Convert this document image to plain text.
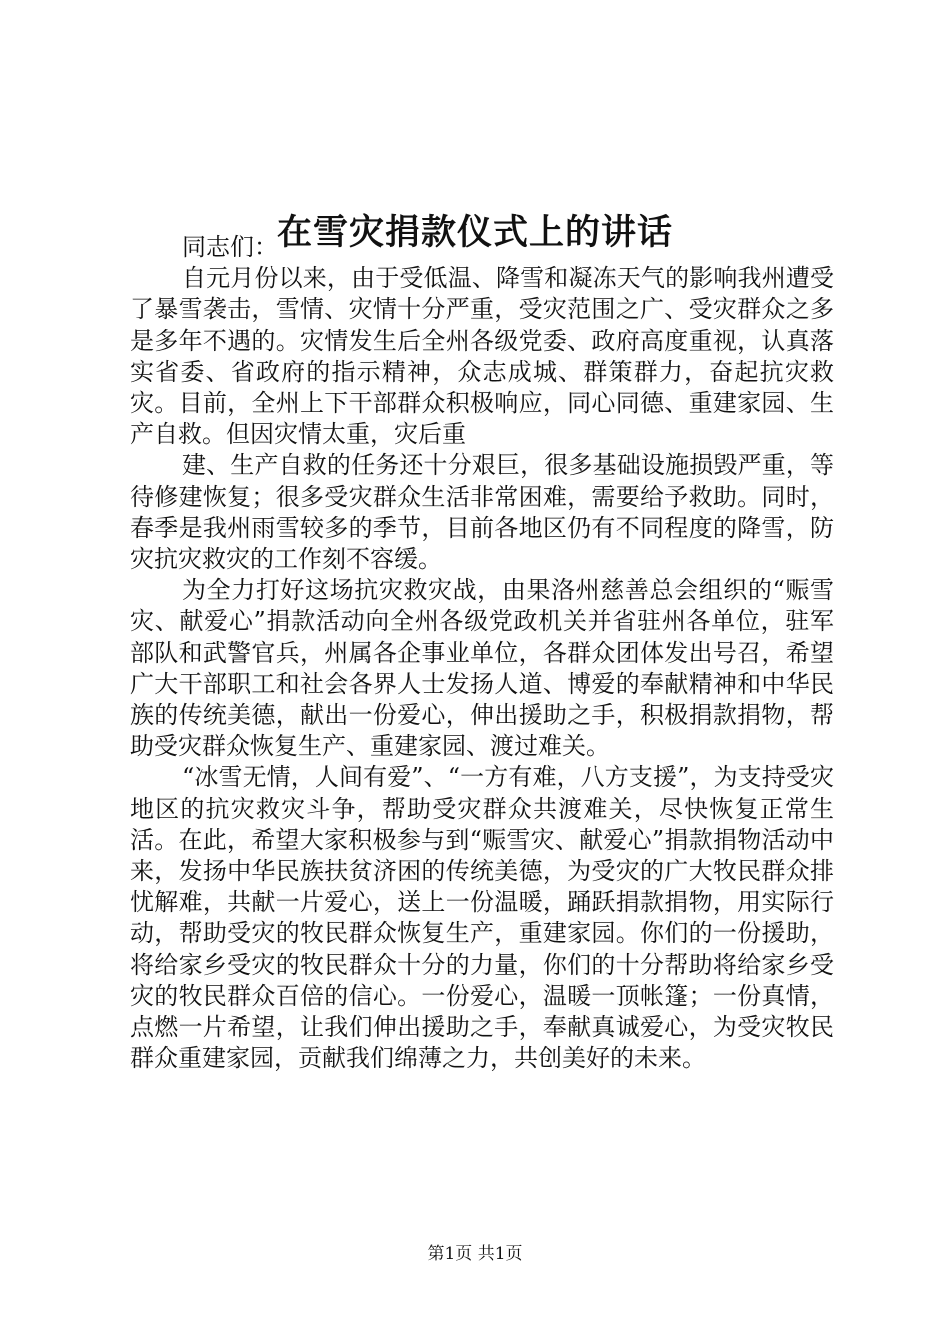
在雪灾捐款仪式上的讲话

同志们：

自元月份以来，由于受低温、降雪和凝冻天气的影响我州遭受了暴雪袭击，雪情、灾情十分严重，受灾范围之广、受灾群众之多是多年不遇的。灾情发生后全州各级党委、政府高度重视，认真落实省委、省政府的指示精神，众志成城、群策群力，奋起抗灾救灾。目前，全州上下干部群众积极响应，同心同德、重建家园、生产自救。但因灾情太重，灾后重

建、生产自救的任务还十分艰巨，很多基础设施损毁严重，等待修建恢复；很多受灾群众生活非常困难，需要给予救助。同时，春季是我州雨雪较多的季节，目前各地区仍有不同程度的降雪，防灾抗灾救灾的工作刻不容缓。

为全力打好这场抗灾救灾战，由果洛州慈善总会组织的“赈雪灾、献爱心”捐款活动向全州各级党政机关并省驻州各单位，驻军部队和武警官兵，州属各企事业单位，各群众团体发出号召，希望广大干部职工和社会各界人士发扬人道、博爱的奉献精神和中华民族的传统美德，献出一份爱心，伸出援助之手，积极捐款捐物，帮助受灾群众恢复生产、重建家园、渡过难关。

“冰雪无情，人间有爱”、“一方有难，八方支援”，为支持受灾地区的抗灾救灾斗争，帮助受灾群众共渡难关，尽快恢复正常生活。在此，希望大家积极参与到“赈雪灾、献爱心”捐款捐物活动中来，发扬中华民族扶贫济困的传统美德，为受灾的广大牧民群众排忧解难，共献一片爱心，送上一份温暖，踊跃捐款捐物，用实际行动，帮助受灾的牧民群众恢复生产，重建家园。你们的一份援助，将给家乡受灾的牧民群众十分的力量，你们的十分帮助将给家乡受灾的牧民群众百倍的信心。一份爱心，温暖一顶帐篷；一份真情，点燃一片希望，让我们伸出援助之手，奉献真诚爱心，为受灾牧民群众重建家园，贡献我们绵薄之力，共创美好的未来。

第1页 共1页
